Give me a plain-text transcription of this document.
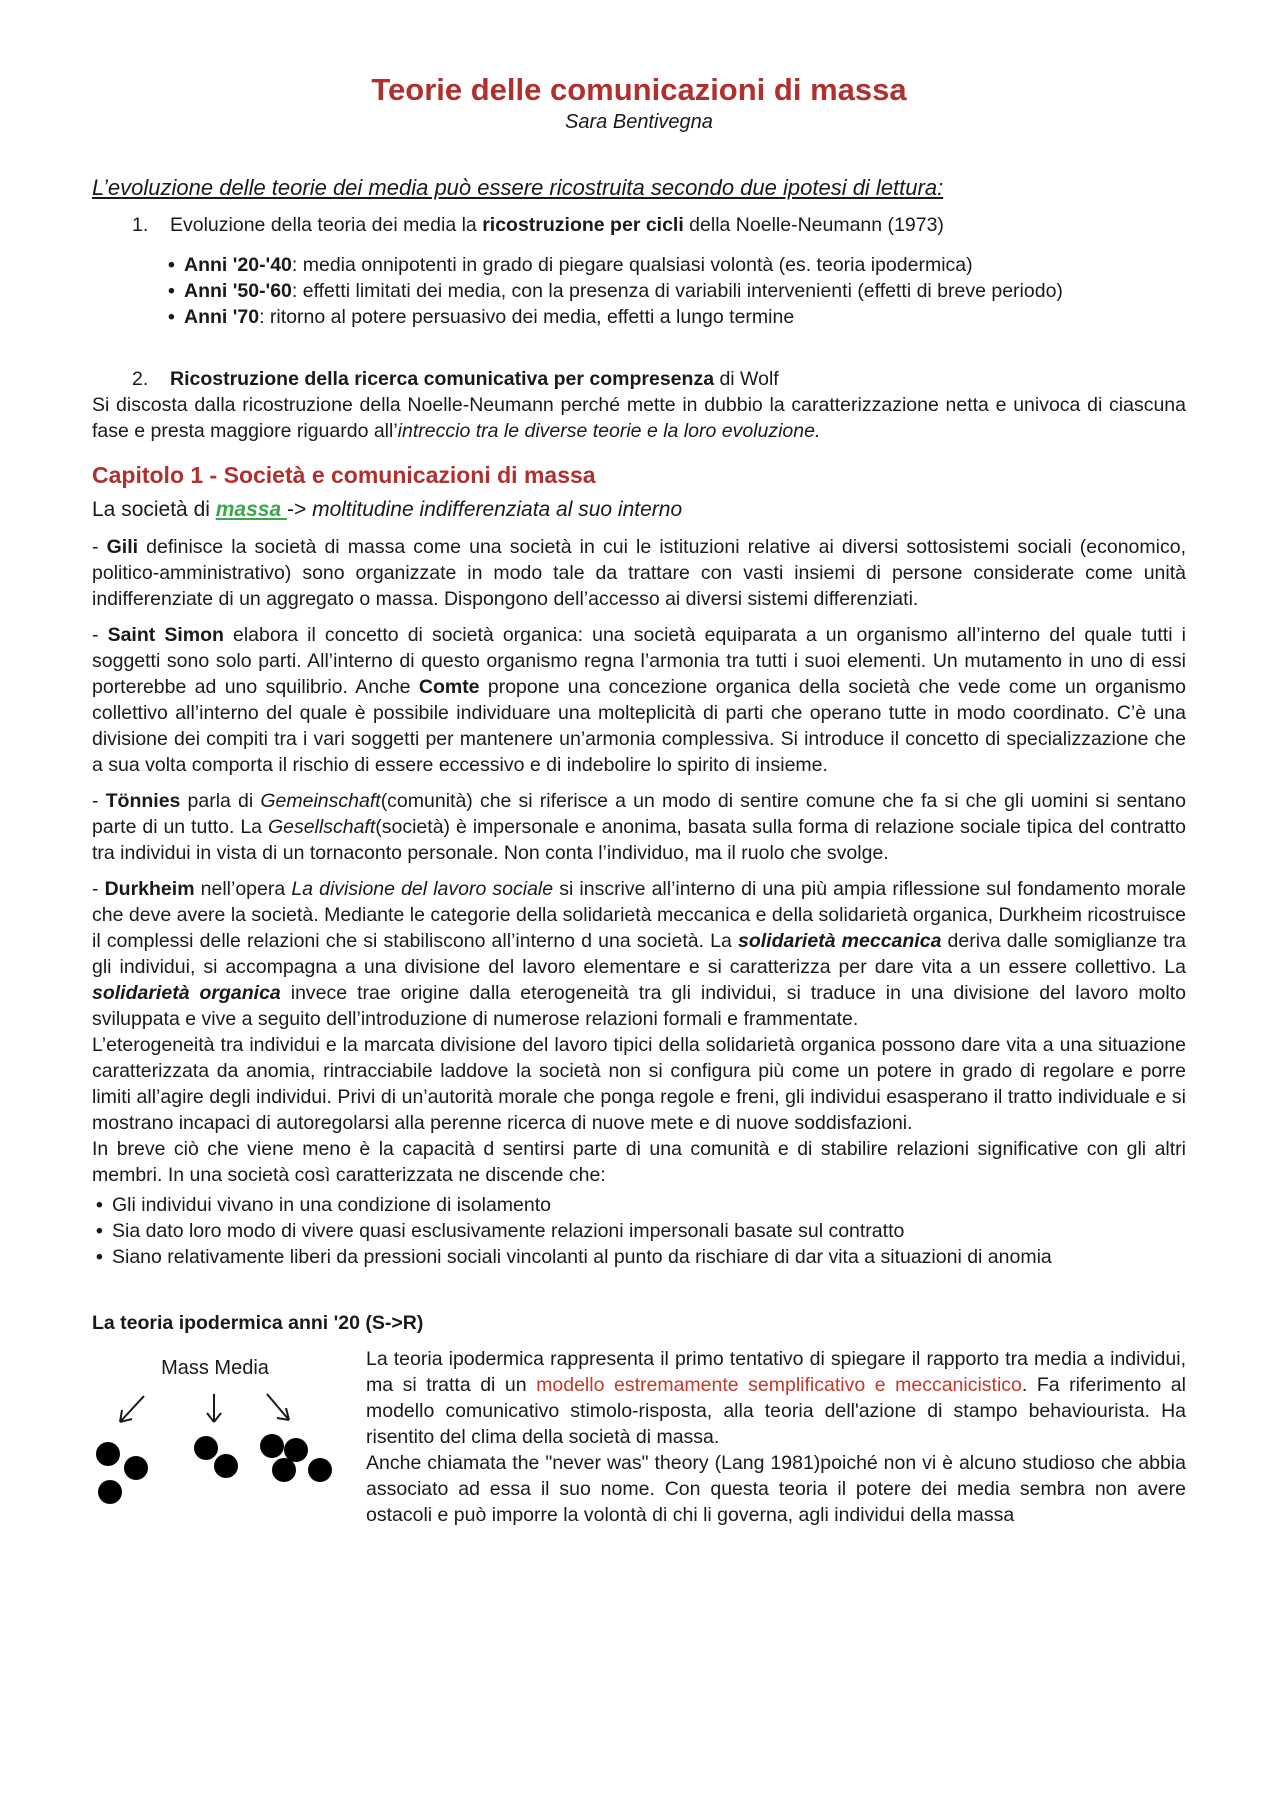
Teorie delle comunicazioni di massa

Sara Bentivegna

L’evoluzione delle teorie dei media può essere ricostruita secondo due ipotesi di lettura:

1. Evoluzione della teoria dei media la ricostruzione per cicli della Noelle-Neumann (1973)
• Anni '20-'40: media onnipotenti in grado di piegare qualsiasi volontà (es. teoria ipodermica)
• Anni '50-'60: effetti limitati dei media, con la presenza di variabili intervenienti (effetti di breve periodo)
• Anni '70: ritorno al potere persuasivo dei media, effetti a lungo termine
2. Ricostruzione della ricerca comunicativa per compresenza di Wolf

Si discosta dalla ricostruzione della Noelle-Neumann perché mette in dubbio la caratterizzazione netta e univoca di ciascuna fase e presta maggiore riguardo all’intreccio tra le diverse teorie e la loro evoluzione.

Capitolo 1 - Società e comunicazioni di massa

La società di massa -> moltitudine indifferenziata al suo interno

- Gili definisce la società di massa come una società in cui le istituzioni relative ai diversi sottosistemi sociali (economico, politico-amministrativo) sono organizzate in modo tale da trattare con vasti insiemi di persone considerate come unità indifferenziate di un aggregato o massa. Dispongono dell’accesso ai diversi sistemi differenziati.

- Saint Simon elabora il concetto di società organica: una società equiparata a un organismo all’interno del quale tutti i soggetti sono solo parti. All’interno di questo organismo regna l’armonia tra tutti i suoi elementi. Un mutamento in uno di essi porterebbe ad uno squilibrio. Anche Comte propone una concezione organica della società che vede come un organismo collettivo all’interno del quale è possibile individuare una molteplicità di parti che operano tutte in modo coordinato. C’è una divisione dei compiti tra i vari soggetti per mantenere un’armonia complessiva. Si introduce il concetto di specializzazione che a sua volta comporta il rischio di essere eccessivo e di indebolire lo spirito di insieme.

- Tönnies parla di Gemeinschaft(comunità) che si riferisce a un modo di sentire comune che fa si che gli uomini si sentano parte di un tutto. La Gesellschaft(società) è impersonale e anonima, basata sulla forma di relazione sociale tipica del contratto tra individui in vista di un tornaconto personale. Non conta l’individuo, ma il ruolo che svolge.

- Durkheim nell’opera La divisione del lavoro sociale si inscrive all’interno di una più ampia riflessione sul fondamento morale che deve avere la società. Mediante le categorie della solidarietà meccanica e della solidarietà organica, Durkheim ricostruisce il complessi delle relazioni che si stabiliscono all’interno d una società. La solidarietà meccanica deriva dalle somiglianze tra gli individui, si accompagna a una divisione del lavoro elementare e si caratterizza per dare vita a un essere collettivo. La solidarietà organica invece trae origine dalla eterogeneità tra gli individui, si traduce in una divisione del lavoro molto sviluppata e vive a seguito dell’introduzione di numerose relazioni formali e frammentate.

L’eterogeneità tra individui e la marcata divisione del lavoro tipici della solidarietà organica possono dare vita a una situazione caratterizzata da anomia, rintracciabile laddove la società non si configura più come un potere in grado di regolare e porre limiti all’agire degli individui. Privi di un’autorità morale che ponga regole e freni, gli individui esasperano il tratto individuale e si mostrano incapaci di autoregolarsi alla perenne ricerca di nuove mete e di nuove soddisfazioni.

In breve ciò che viene meno è la capacità d sentirsi parte di una comunità e di stabilire relazioni significative con gli altri membri. In una società così caratterizzata ne discende che:

• Gli individui vivano in una condizione di isolamento
• Sia dato loro modo di vivere quasi esclusivamente relazioni impersonali basate sul contratto
• Siano relativamente liberi da pressioni sociali vincolanti al punto da rischiare di dar vita a situazioni di anomia

La teoria ipodermica anni '20 (S->R)

Mass Media	La teoria ipodermica rappresenta il primo tentativo di spiegare il rapporto tra media a individui, ma si tratta di un modello estremamente semplificativo e meccanicistico. Fa riferimento al modello comunicativo stimolo-risposta, alla teoria dell'azione di stampo behaviourista. Ha risentito del clima della società di massa.
Anche chiamata the "never was" theory (Lang 1981)poiché non vi è alcuno studioso che abbia associato ad essa il suo nome. Con questa teoria il potere dei media sembra non avere ostacoli e può imporre la volontà di chi li governa, agli individui della massa
